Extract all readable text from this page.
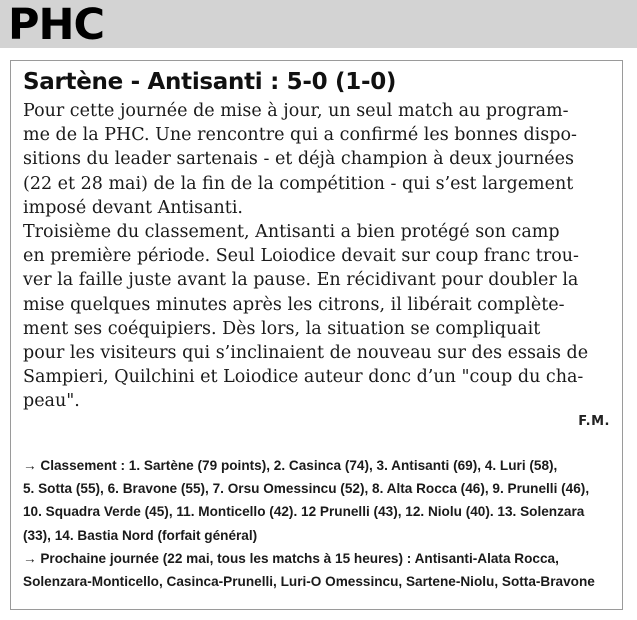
PHC
Sartène - Antisanti : 5-0 (1-0)
Pour cette journée de mise à jour, un seul match au program-
me de la PHC. Une rencontre qui a confirmé les bonnes dispo-
sitions du leader sartenais - et déjà champion à deux journées
(22 et 28 mai) de la fin de la compétition - qui s’est largement
imposé devant Antisanti.
Troisième du classement, Antisanti a bien protégé son camp
en première période. Seul Loiodice devait sur coup franc trou-
ver la faille juste avant la pause. En récidivant pour doubler la
mise quelques minutes après les citrons, il libérait complète-
ment ses coéquipiers. Dès lors, la situation se compliquait
pour les visiteurs qui s’inclinaient de nouveau sur des essais de
Sampieri, Quilchini et Loiodice auteur donc d’un "coup du cha-
peau".
F.M.
→ Classement : 1. Sartène (79 points), 2. Casinca (74), 3. Antisanti (69), 4. Luri (58),
5. Sotta (55), 6. Bravone (55), 7. Orsu Omessincu (52), 8. Alta Rocca (46), 9. Prunelli (46),
10. Squadra Verde (45), 11. Monticello (42). 12 Prunelli (43), 12. Niolu (40). 13. Solenzara
(33), 14. Bastia Nord (forfait général)
→ Prochaine journée (22 mai, tous les matchs à 15 heures) : Antisanti-Alata Rocca,
Solenzara-Monticello, Casinca-Prunelli, Luri-O Omessincu, Sartene-Niolu, Sotta-Bravone
